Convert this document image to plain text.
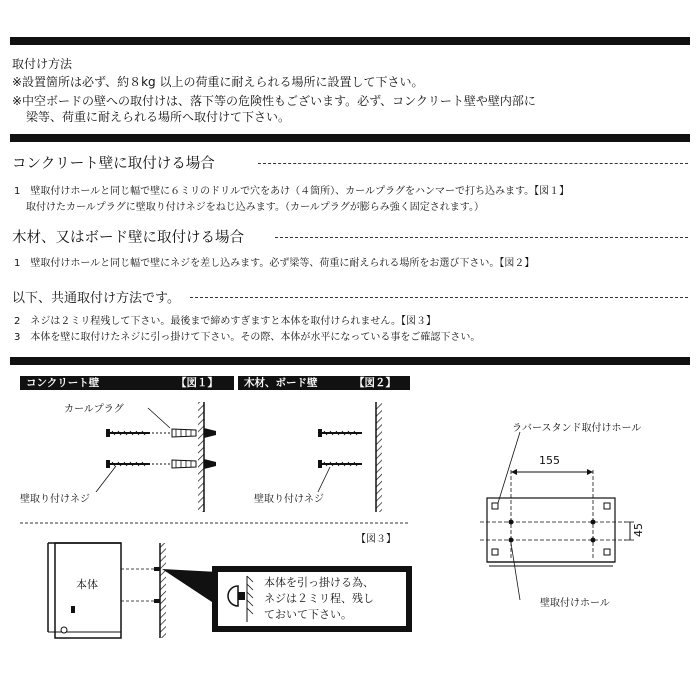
取付け方法
※設置箇所は必ず、約８kg 以上の荷重に耐えられる場所に設置して下さい。
※中空ボードの壁への取付けは、落下等の危険性もございます。必ず、コンクリート壁や壁内部に
梁等、荷重に耐えられる場所へ取付けて下さい。
コンクリート壁に取付ける場合
1　壁取付けホールと同じ幅で壁に６ミリのドリルで穴をあけ（４箇所）、カールプラグをハンマーで打ち込みます。【図１】
取付けたカールプラグに壁取り付けネジをねじ込みます。（カールプラグが膨らみ強く固定されます。）
木材、又はボード壁に取付ける場合
1　壁取付けホールと同じ幅で壁にネジを差し込みます。必ず梁等、荷重に耐えられる場所をお選び下さい。【図２】
以下、共通取付け方法です。
2　ネジは２ミリ程残して下さい。最後まで締めすぎますと本体を取付けられません。【図３】
3　本体を壁に取付けたネジに引っ掛けて下さい。その際、本体が水平になっている事をご確認下さい。
コンクリート壁	【図１】 木材、ボード壁	【図２】
カールプラグ
壁取り付けネジ	壁取り付けネジ
【図３】
本体	本体を引っ掛ける為、
ネジは２ミリ程、残し
ておいて下さい。
ラバースタンド取付けホール
155
45
壁取付けホール
